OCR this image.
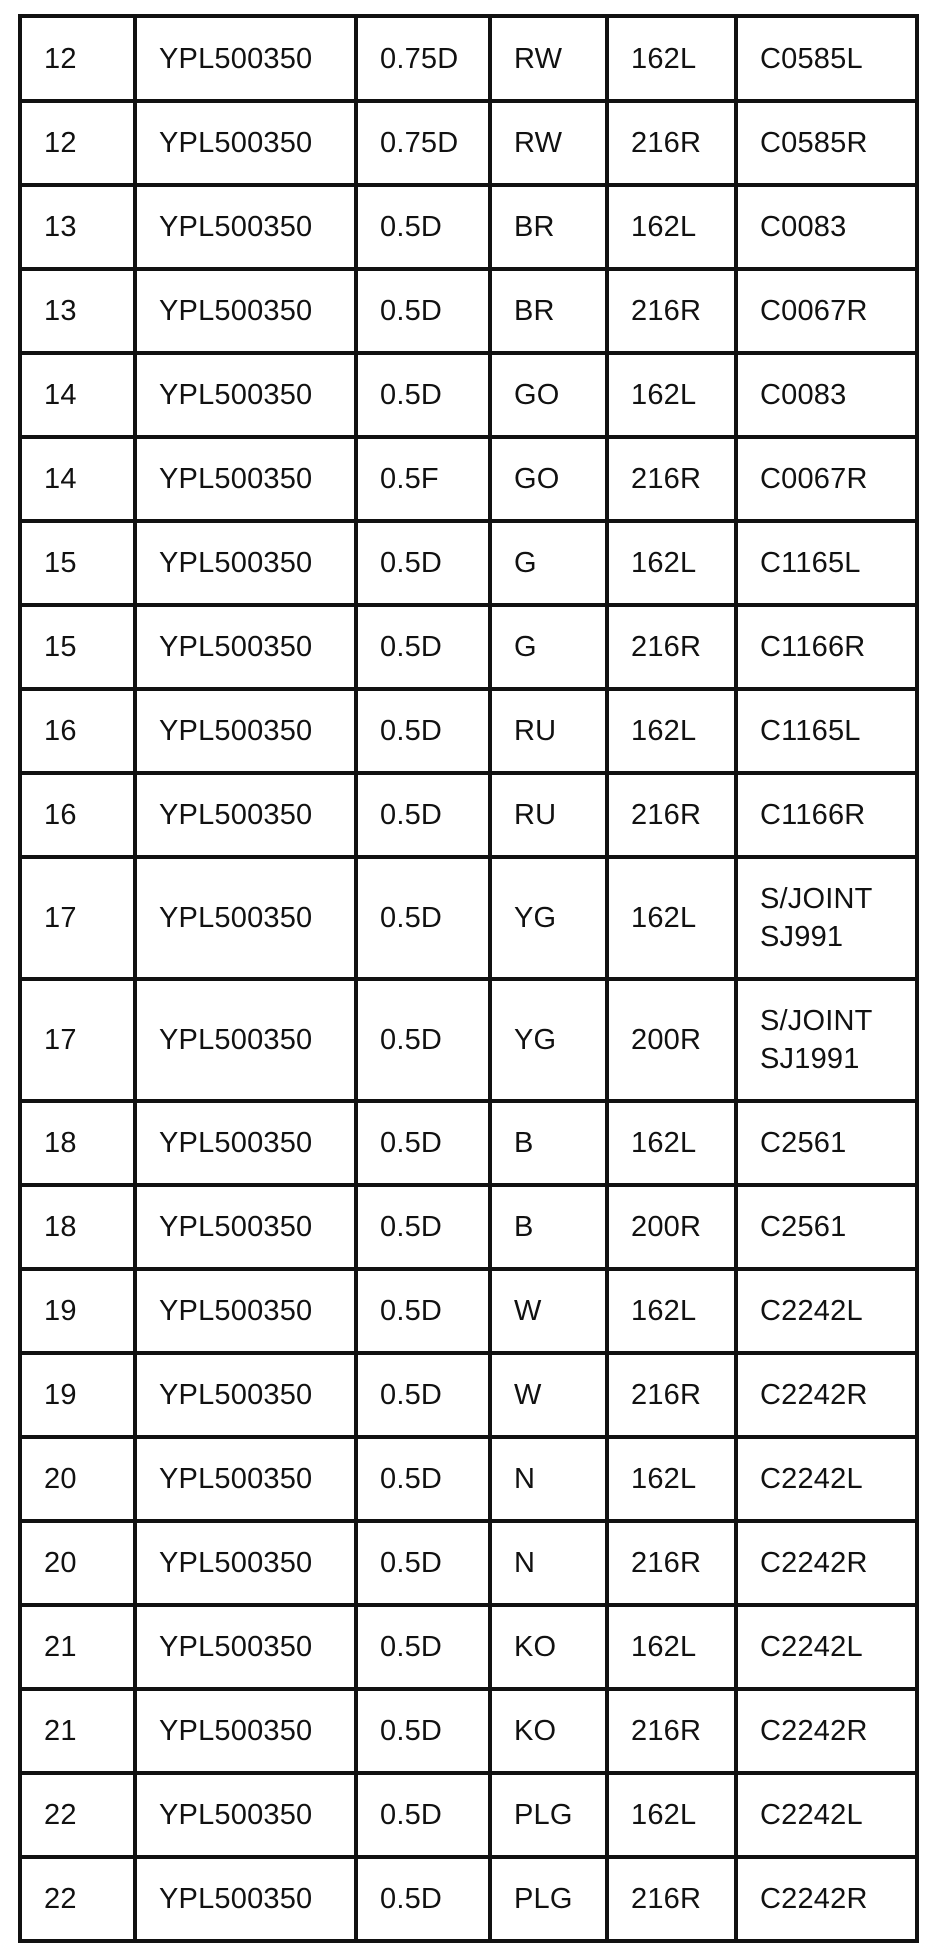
12	YPL500350	0.75D	RW	162L	C0585L
12	YPL500350	0.75D	RW	216R	C0585R
13	YPL500350	0.5D	BR	162L	C0083
13	YPL500350	0.5D	BR	216R	C0067R
14	YPL500350	0.5D	GO	162L	C0083
14	YPL500350	0.5F	GO	216R	C0067R
15	YPL500350	0.5D	G	162L	C1165L
15	YPL500350	0.5D	G	216R	C1166R
16	YPL500350	0.5D	RU	162L	C1165L
16	YPL500350	0.5D	RU	216R	C1166R
17	YPL500350	0.5D	YG	162L	S/JOINT
SJ991
17	YPL500350	0.5D	YG	200R	S/JOINT
SJ1991
18	YPL500350	0.5D	B	162L	C2561
18	YPL500350	0.5D	B	200R	C2561
19	YPL500350	0.5D	W	162L	C2242L
19	YPL500350	0.5D	W	216R	C2242R
20	YPL500350	0.5D	N	162L	C2242L
20	YPL500350	0.5D	N	216R	C2242R
21	YPL500350	0.5D	KO	162L	C2242L
21	YPL500350	0.5D	KO	216R	C2242R
22	YPL500350	0.5D	PLG	162L	C2242L
22	YPL500350	0.5D	PLG	216R	C2242R
